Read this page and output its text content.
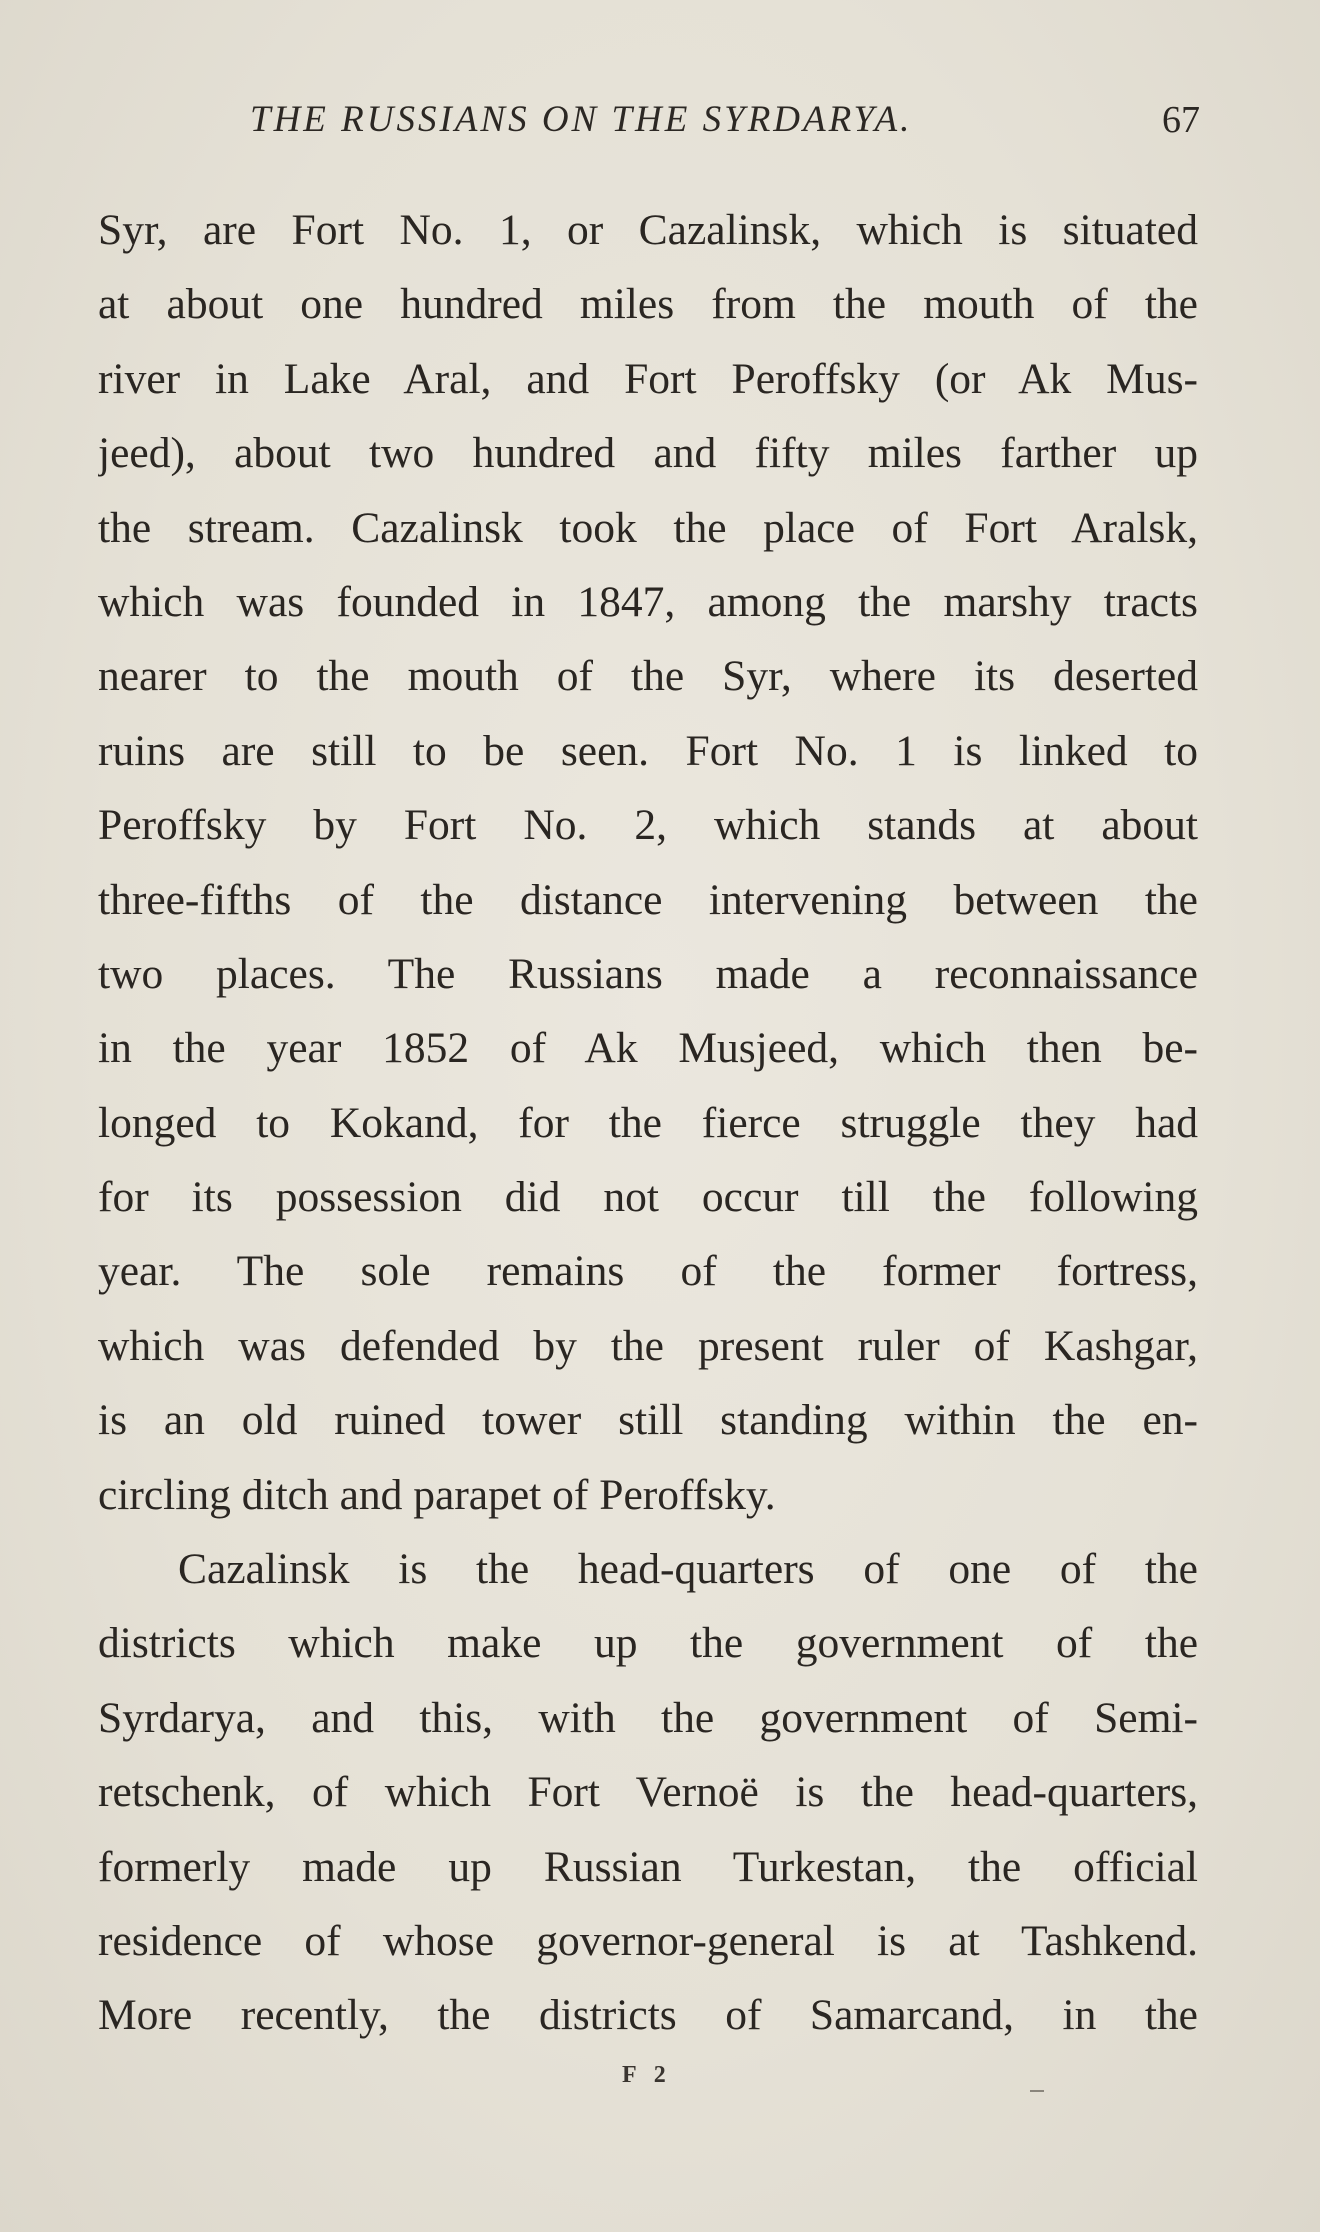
THE RUSSIANS ON THE SYRDARYA.	67
Syr, are Fort No. 1, or Cazalinsk, which is situated
at about one hundred miles from the mouth of the
river in Lake Aral, and Fort Peroffsky (or Ak Mus-
jeed), about two hundred and fifty miles farther up
the stream. Cazalinsk took the place of Fort Aralsk,
which was founded in 1847, among the marshy tracts
nearer to the mouth of the Syr, where its deserted
ruins are still to be seen. Fort No. 1 is linked to
Peroffsky by Fort No. 2, which stands at about
three-fifths of the distance intervening between the
two places. The Russians made a reconnaissance
in the year 1852 of Ak Musjeed, which then be-
longed to Kokand, for the fierce struggle they had
for its possession did not occur till the following
year. The sole remains of the former fortress,
which was defended by the present ruler of Kashgar,
is an old ruined tower still standing within the en-
circling ditch and parapet of Peroffsky.
Cazalinsk is the head-quarters of one of the
districts which make up the government of the
Syrdarya, and this, with the government of Semi-
retschenk, of which Fort Vernoë is the head-quarters,
formerly made up Russian Turkestan, the official
residence of whose governor-general is at Tashkend.
More recently, the districts of Samarcand, in the
F 2
